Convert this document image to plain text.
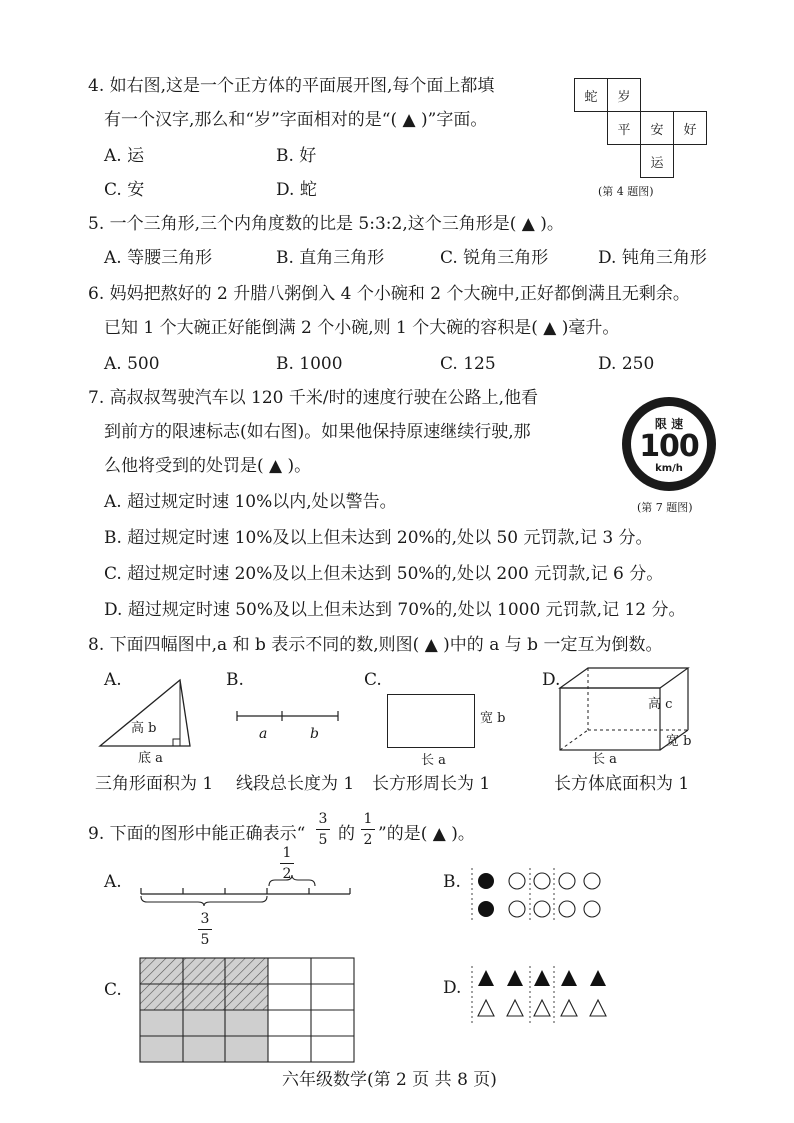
4. 如右图,这是一个正方体的平面展开图,每个面上都填
有一个汉字,那么和“岁”字面相对的是“( ▲ )”字面。
A. 运	B. 好
C. 安	D. 蛇
蛇	岁
平	安	好
运
(第 4 题图)
5. 一个三角形,三个内角度数的比是 5:3:2,这个三角形是( ▲ )。
A. 等腰三角形	B. 直角三角形	C. 锐角三角形	D. 钝角三角形
6. 妈妈把熬好的 2 升腊八粥倒入 4 个小碗和 2 个大碗中,正好都倒满且无剩余。
已知 1 个大碗正好能倒满 2 个小碗,则 1 个大碗的容积是( ▲ )毫升。
A. 500	B. 1000	C. 125	D. 250
7. 高叔叔驾驶汽车以 120 千米/时的速度行驶在公路上,他看
到前方的限速标志(如右图)。如果他保持原速继续行驶,那
么他将受到的处罚是( ▲ )。
A. 超过规定时速 10%以内,处以警告。
B. 超过规定时速 10%及以上但未达到 20%的,处以 50 元罚款,记 3 分。
C. 超过规定时速 20%及以上但未达到 50%的,处以 200 元罚款,记 6 分。
D. 超过规定时速 50%及以上但未达到 70%的,处以 1000 元罚款,记 12 分。
限 速
100
km/h
(第 7 题图)
8. 下面四幅图中,a 和 b 表示不同的数,则图( ▲ )中的 a 与 b 一定互为倒数。
A.	B.	C.	D.
高 b
底 a
a	b
宽 b
长 a
高 c
宽 b
长 a
三角形面积为 1 线段总长度为 1 长方形周长为 1	长方体底面积为 1
9. 下面的图形中能正确表示“
3
5 的
1
2 ”的是( ▲ )。
A.
1
2
3
5
B.
C.	D.
六年级数学(第 2 页 共 8 页)
